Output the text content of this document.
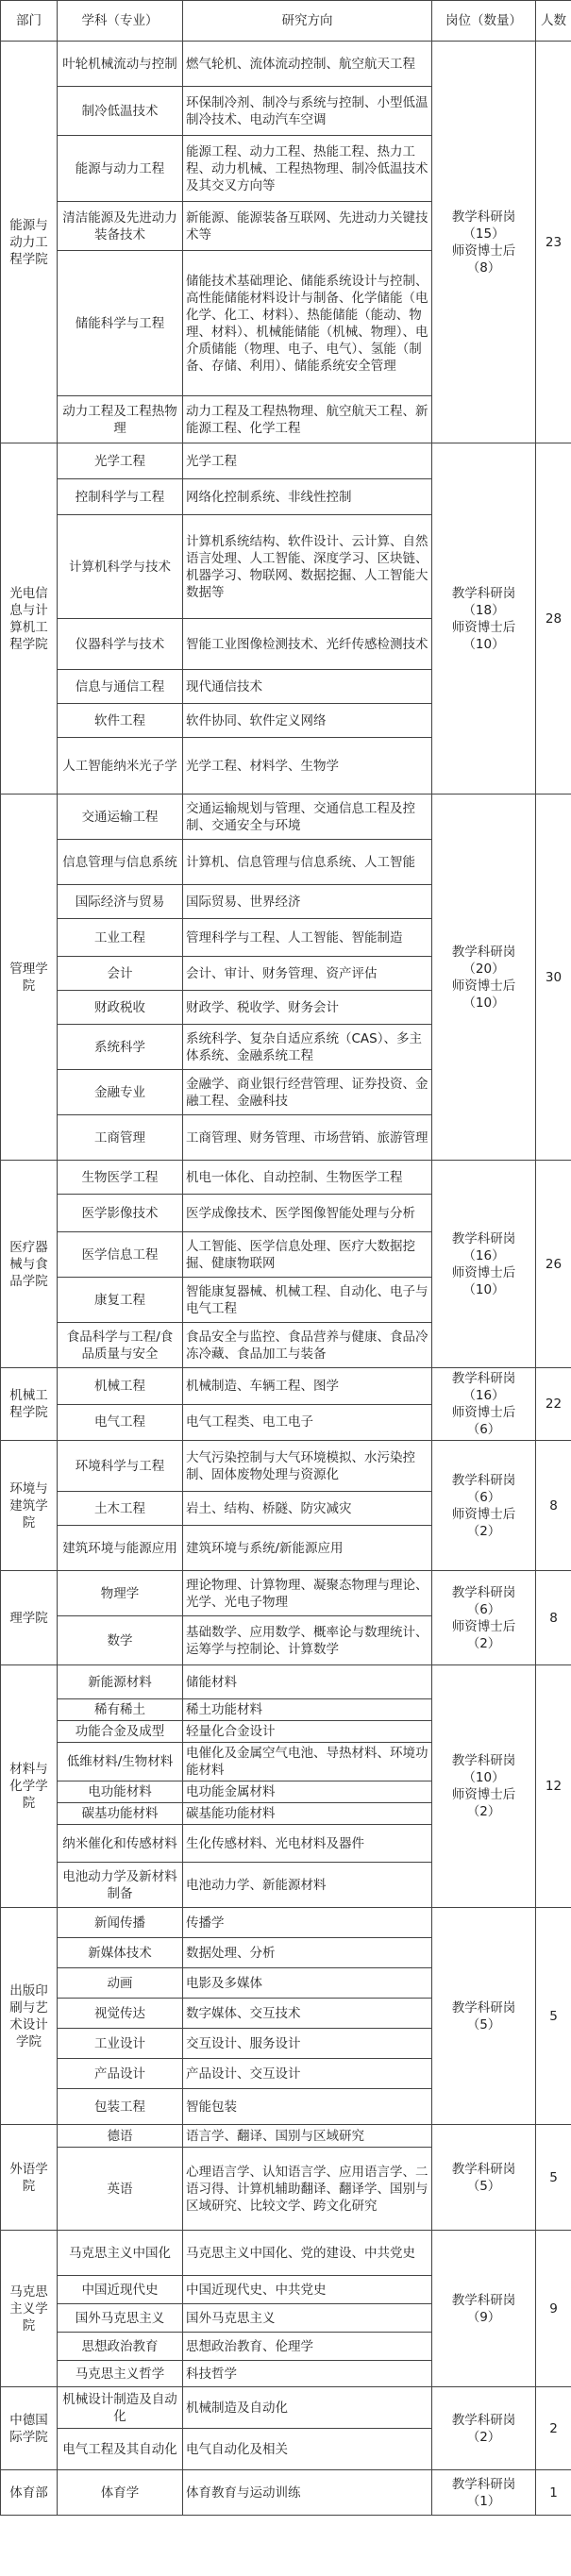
部门	学科（专业）	研究方向	岗位（数量）	人数
能源与动力工程学院	叶轮机械流动与控制	燃气轮机、流体流动控制、航空航天工程	教学科研岗
（15）
师资博士后
（8）	23
	制冷低温技术	环保制冷剂、制冷与系统与控制、小型低温制冷技术、电动汽车空调		
	能源与动力工程	能源工程、动力工程、热能工程、热力工程、动力机械、工程热物理、制冷低温技术及其交叉方向等		
	清洁能源及先进动力装备技术	新能源、能源装备互联网、先进动力关键技术等		
	储能科学与工程	储能技术基础理论、储能系统设计与控制、高性能储能材料设计与制备、化学储能（电化学、化工、材料）、热能储能（能动、物理、材料）、机械能储能（机械、物理）、电介质储能（物理、电子、电气）、氢能（制备、存储、利用）、储能系统安全管理		
	动力工程及工程热物理	动力工程及工程热物理、航空航天工程、新能源工程、化学工程		
光电信息与计算机工程学院	光学工程	光学工程	教学科研岗
（18）
师资博士后
（10）	28
	控制科学与工程	网络化控制系统、非线性控制		
	计算机科学与技术	计算机系统结构、软件设计、云计算、自然语言处理、人工智能、深度学习、区块链、机器学习、物联网、数据挖掘、人工智能大数据等		
	仪器科学与技术	智能工业图像检测技术、光纤传感检测技术		
	信息与通信工程	现代通信技术		
	软件工程	软件协同、软件定义网络		
	人工智能纳米光子学	光学工程、材料学、生物学		
管理学院	交通运输工程	交通运输规划与管理、交通信息工程及控制、交通安全与环境	教学科研岗
（20）
师资博士后
（10）	30
	信息管理与信息系统	计算机、信息管理与信息系统、人工智能		
	国际经济与贸易	国际贸易、世界经济		
	工业工程	管理科学与工程、人工智能、智能制造		
	会计	会计、审计、财务管理、资产评估		
	财政税收	财政学、税收学、财务会计		
	系统科学	系统科学、复杂自适应系统（CAS）、多主体系统、金融系统工程		
	金融专业	金融学、商业银行经营管理、证券投资、金融工程、金融科技		
	工商管理	工商管理、财务管理、市场营销、旅游管理		
医疗器械与食品学院	生物医学工程	机电一体化、自动控制、生物医学工程	教学科研岗
（16）
师资博士后
（10）	26
	医学影像技术	医学成像技术、医学图像智能处理与分析		
	医学信息工程	人工智能、医学信息处理、医疗大数据挖掘、健康物联网		
	康复工程	智能康复器械、机械工程、自动化、电子与电气工程		
	食品科学与工程/食品质量与安全	食品安全与监控、食品营养与健康、食品冷冻冷藏、食品加工与装备		
机械工程学院	机械工程	机械制造、车辆工程、图学	教学科研岗
（16）
师资博士后
（6）	22
	电气工程	电气工程类、电工电子		
环境与建筑学院	环境科学与工程	大气污染控制与大气环境模拟、水污染控制、固体废物处理与资源化	教学科研岗
（6）
师资博士后
（2）	8
	土木工程	岩土、结构、桥隧、防灾减灾		
	建筑环境与能源应用	建筑环境与系统/新能源应用		
理学院	物理学	理论物理、计算物理、凝聚态物理与理论、光学、光电子物理	教学科研岗
（6）
师资博士后
（2）	8
	数学	基础数学、应用数学、概率论与数理统计、运筹学与控制论、计算数学		
材料与化学学院	新能源材料	储能材料	教学科研岗
（10）
师资博士后
（2）	12
	稀有稀土	稀土功能材料		
	功能合金及成型	轻量化合金设计		
	低维材料/生物材料	电催化及金属空气电池、导热材料、环境功能材料		
	电功能材料	电功能金属材料		
	碳基功能材料	碳基能功能材料		
	纳米催化和传感材料	生化传感材料、光电材料及器件		
	电池动力学及新材料制备	电池动力学、新能源材料		
出版印刷与艺术设计学院	新闻传播	传播学	教学科研岗
（5）	5
	新媒体技术	数据处理、分析		
	动画	电影及多媒体		
	视觉传达	数字媒体、交互技术		
	工业设计	交互设计、服务设计		
	产品设计	产品设计、交互设计		
	包装工程	智能包装		
外语学院	德语	语言学、翻译、国别与区域研究	教学科研岗
（5）	5
	英语	心理语言学、认知语言学、应用语言学、二语习得、计算机辅助翻译、翻译学、国别与区域研究、比较文学、跨文化研究		
马克思主义学院	马克思主义中国化	马克思主义中国化、党的建设、中共党史	教学科研岗
（9）	9
	中国近现代史	中国近现代史、中共党史		
	国外马克思主义	国外马克思主义		
	思想政治教育	思想政治教育、伦理学		
	马克思主义哲学	科技哲学		
中德国际学院	机械设计制造及自动化	机械制造及自动化	教学科研岗
（2）	2
	电气工程及其自动化	电气自动化及相关		
体育部	体育学	体育教育与运动训练	教学科研岗
（1）	1
